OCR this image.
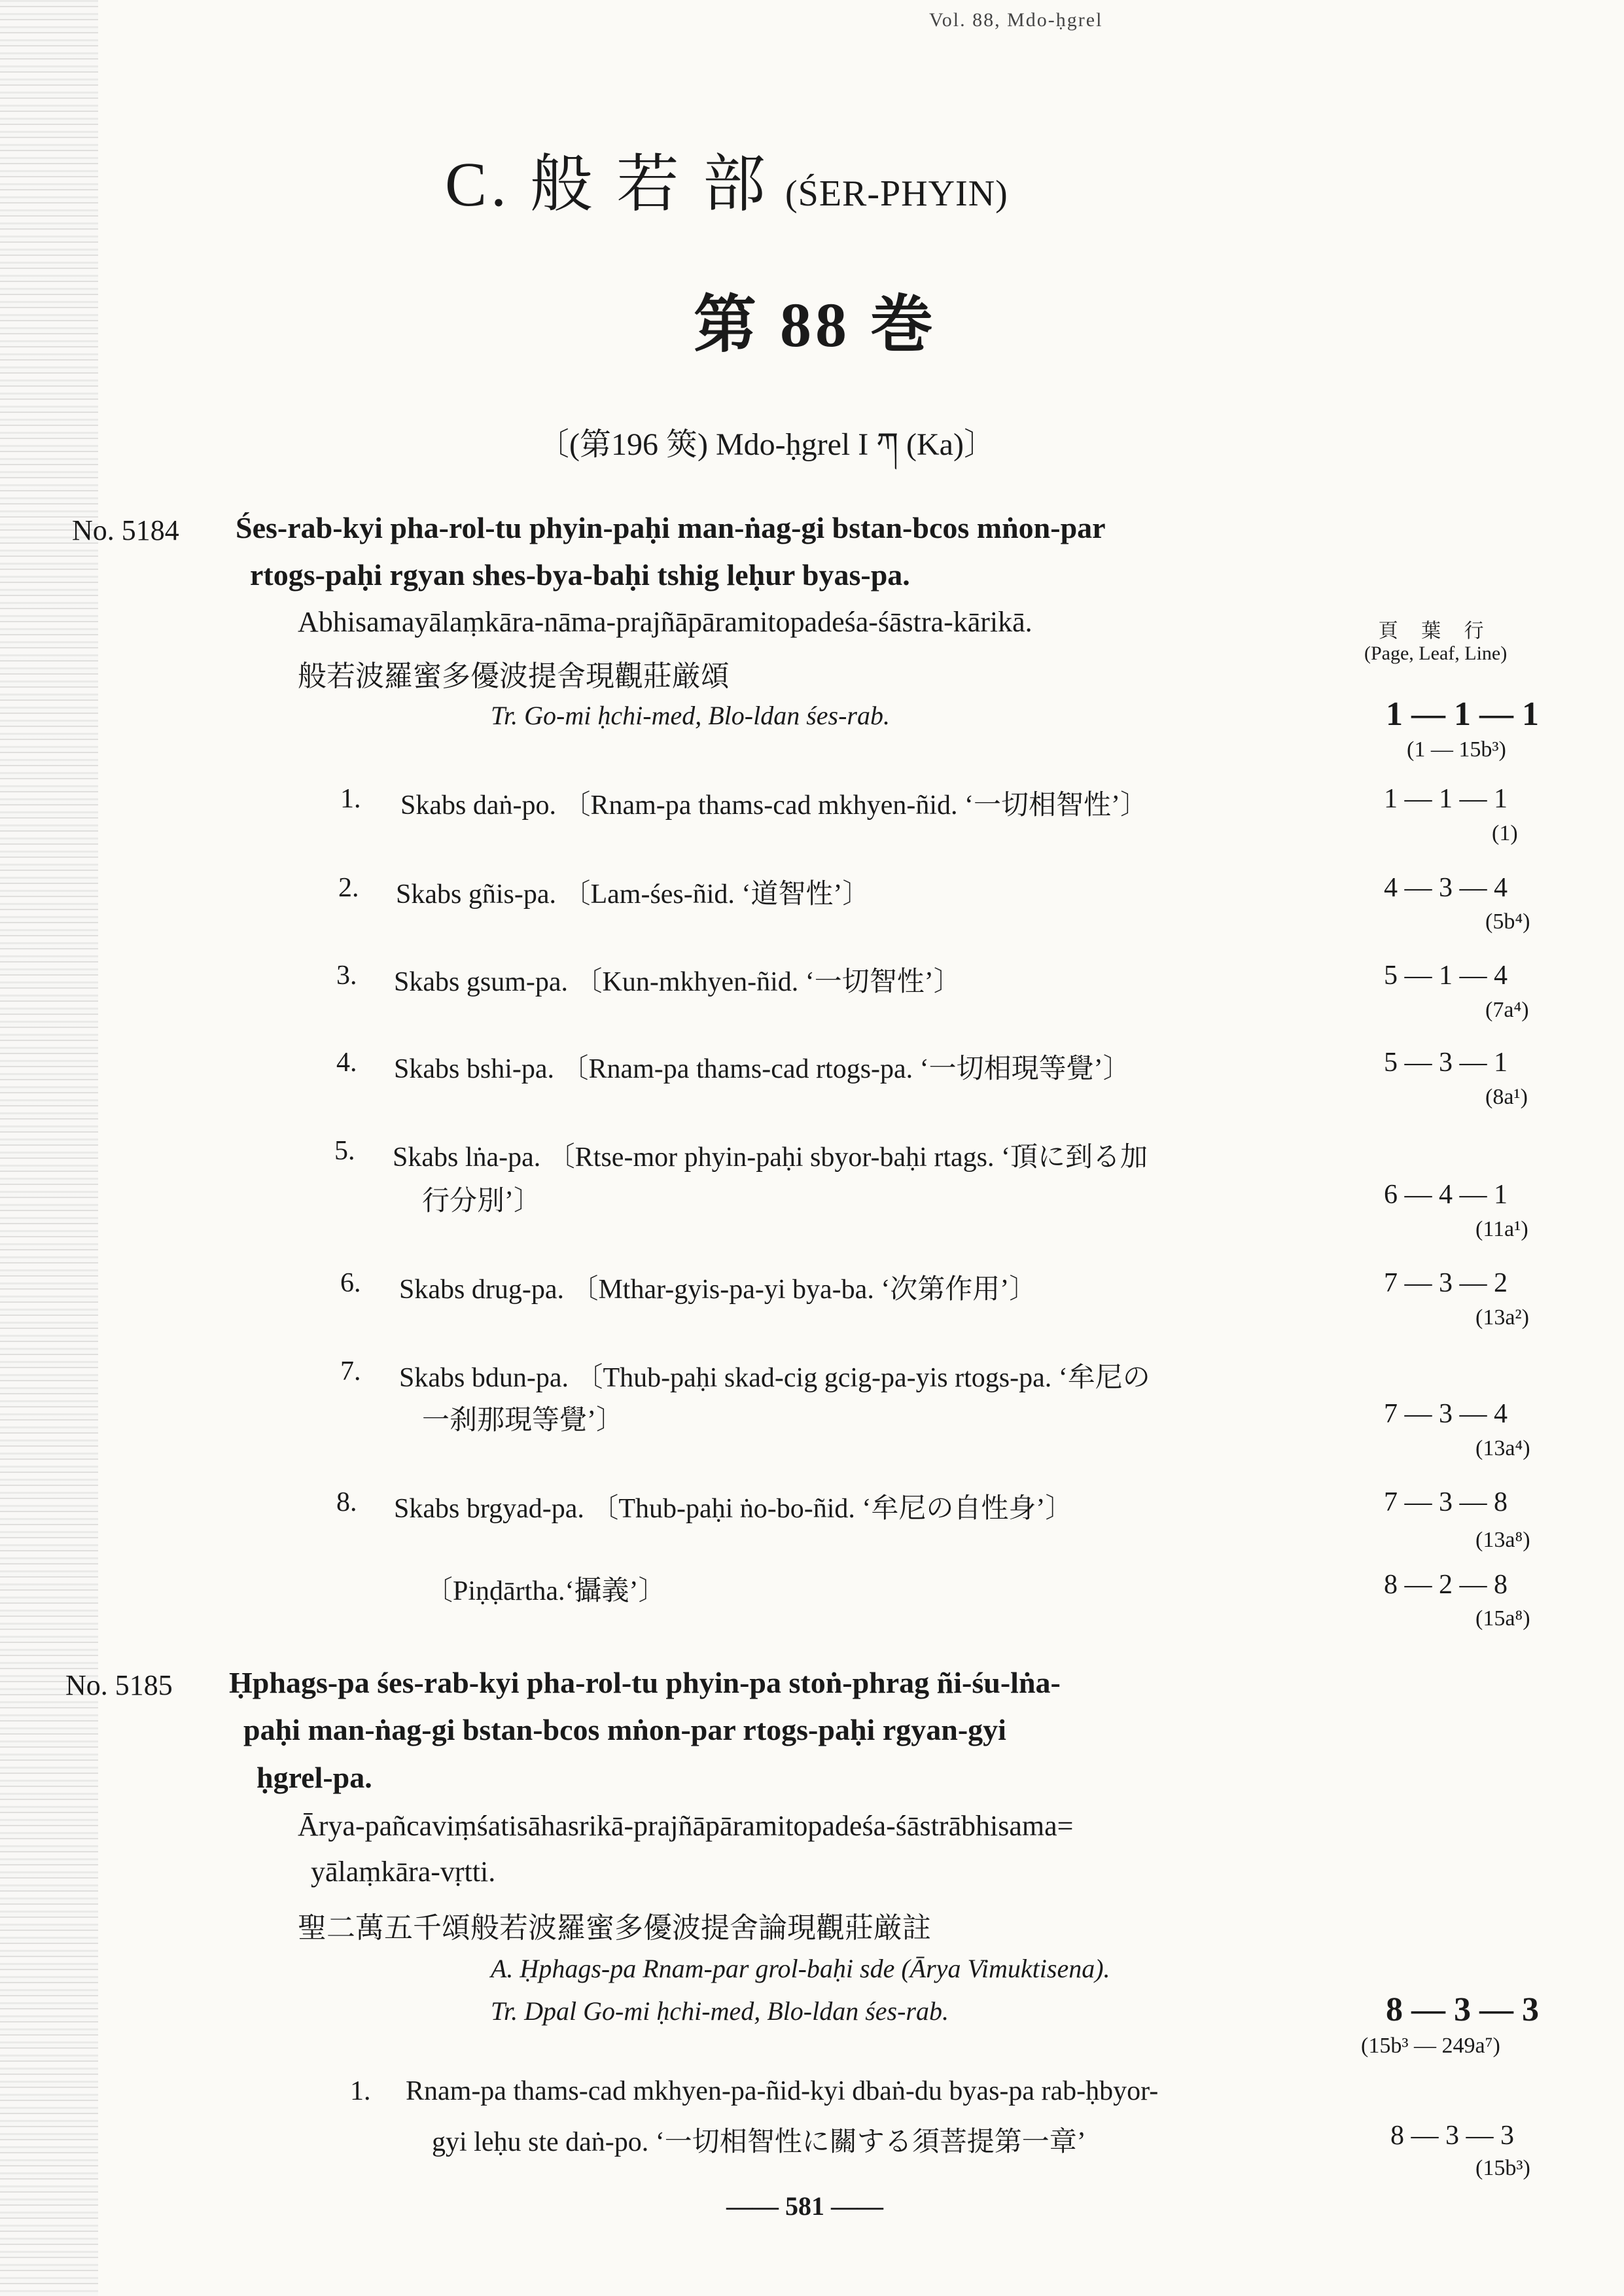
Vol. 88, Mdo-ḥgrel
C. 般 若 部 (ŚER-PHYIN)
第 88 巻
〔(第196 筴) Mdo-ḥgrel I ཀ (Ka)〕
No. 5184 Śes-rab-kyi pha-rol-tu phyin-paḥi man-ṅag-gi bstan-bcos mṅon-par
rtogs-paḥi rgyan shes-bya-baḥi tshig leḥur byas-pa.
Abhisamayālaṃkāra-nāma-prajñāpāramitopadeśa-śāstra-kārikā.	頁 葉 行
(Page, Leaf, Line)
般若波羅蜜多優波提舍現觀莊厳頌
Tr. Go-mi ḥchi-med, Blo-ldan śes-rab.	1 — 1 — 1
(1 — 15b³)
1. Skabs daṅ-po. 〔Rnam-pa thams-cad mkhyen-ñid. ‘一切相智性’〕	1 — 1 — 1
(1)
2. Skabs gñis-pa. 〔Lam-śes-ñid. ‘道智性’〕	4 — 3 — 4
(5b⁴)
3. Skabs gsum-pa. 〔Kun-mkhyen-ñid. ‘一切智性’〕	5 — 1 — 4
(7a⁴)
4. Skabs bshi-pa. 〔Rnam-pa thams-cad rtogs-pa. ‘一切相現等覺’〕	5 — 3 — 1
(8a¹)
5. Skabs lṅa-pa. 〔Rtse-mor phyin-paḥi sbyor-baḥi rtags. ‘頂に到る加
行分別’〕	6 — 4 — 1
(11a¹)
6. Skabs drug-pa. 〔Mthar-gyis-pa-yi bya-ba. ‘次第作用’〕	7 — 3 — 2
(13a²)
7. Skabs bdun-pa. 〔Thub-paḥi skad-cig gcig-pa-yis rtogs-pa. ‘牟尼の
一刹那現等覺’〕	7 — 3 — 4
(13a⁴)
8. Skabs brgyad-pa. 〔Thub-paḥi ṅo-bo-ñid. ‘牟尼の自性身’〕	7 — 3 — 8
(13a⁸)
〔Piṇḍārtha.‘攝義’〕	8 — 2 — 8
(15a⁸)
No. 5185 Ḥphags-pa śes-rab-kyi pha-rol-tu phyin-pa stoṅ-phrag ñi-śu-lṅa-
paḥi man-ṅag-gi bstan-bcos mṅon-par rtogs-paḥi rgyan-gyi
ḥgrel-pa.
Ārya-pañcaviṃśatisāhasrikā-prajñāpāramitopadeśa-śāstrābhisama=
yālaṃkāra-vṛtti.
聖二萬五千頌般若波羅蜜多優波提舍論現觀莊厳註
A. Ḥphags-pa Rnam-par grol-baḥi sde (Ārya Vimuktisena).
Tr. Dpal Go-mi ḥchi-med, Blo-ldan śes-rab.	8 — 3 — 3
(15b³ — 249a⁷)
1. Rnam-pa thams-cad mkhyen-pa-ñid-kyi dbaṅ-du byas-pa rab-ḥbyor-
gyi leḥu ste daṅ-po. ‘一切相智性に關する須菩提第一章’	8 — 3 — 3
(15b³)
—— 581 ——
